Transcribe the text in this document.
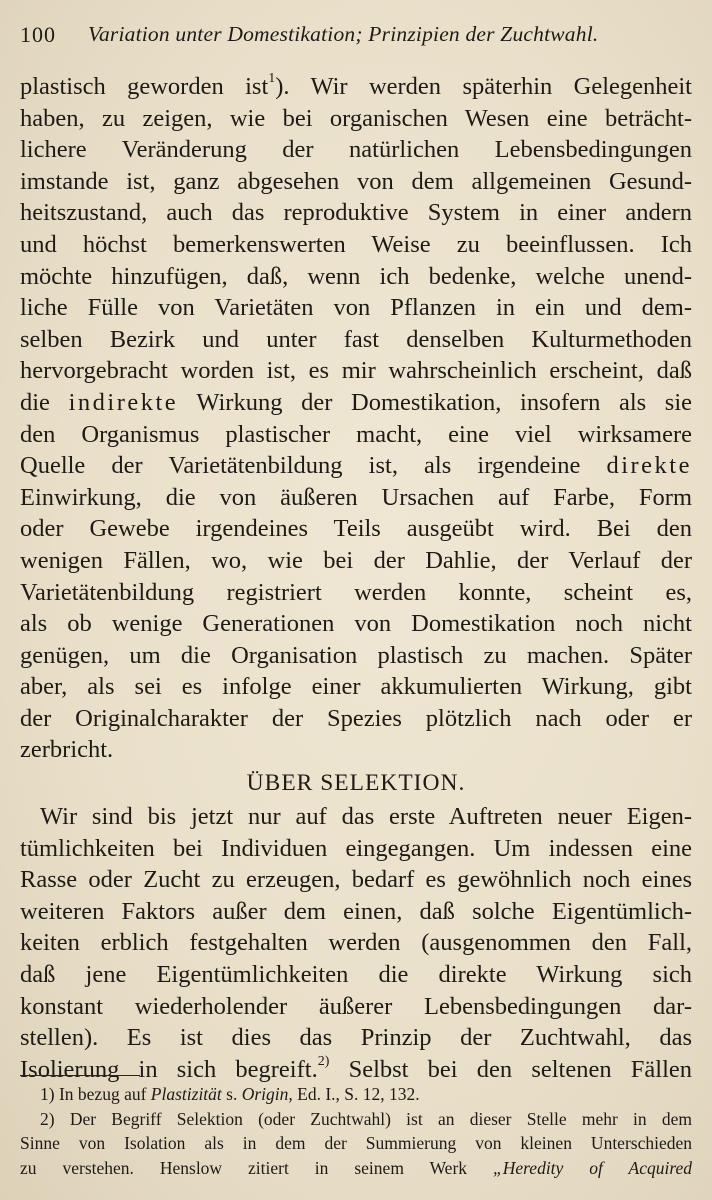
100 Variation unter Domestikation; Prinzipien der Zuchtwahl.
plastisch geworden ist$^1$). Wir werden späterhin Gelegenheit
haben, zu zeigen, wie bei organischen Wesen eine beträcht-
lichere Veränderung der natürlichen Lebensbedingungen
imstande ist, ganz abgesehen von dem allgemeinen Gesund-
heitszustand, auch das reproduktive System in einer andern
und höchst bemerkenswerten Weise zu beeinflussen. Ich
möchte hinzufügen, daß, wenn ich bedenke, welche unend-
liche Fülle von Varietäten von Pflanzen in ein und dem-
selben Bezirk und unter fast denselben Kulturmethoden
hervorgebracht worden ist, es mir wahrscheinlich erscheint, daß
die indirekte Wirkung der Domestikation, insofern als sie
den Organismus plastischer macht, eine viel wirksamere
Quelle der Varietätenbildung ist, als irgendeine direkte
Einwirkung, die von äußeren Ursachen auf Farbe, Form
oder Gewebe irgendeines Teils ausgeübt wird. Bei den
wenigen Fällen, wo, wie bei der Dahlie, der Verlauf der
Varietätenbildung registriert werden konnte, scheint es,
als ob wenige Generationen von Domestikation noch nicht
genügen, um die Organisation plastisch zu machen. Später
aber, als sei es infolge einer akkumulierten Wirkung, gibt
der Originalcharakter der Spezies plötzlich nach oder er
zerbricht.
ÜBER SELEKTION.
Wir sind bis jetzt nur auf das erste Auftreten neuer Eigen-
tümlichkeiten bei Individuen eingegangen. Um indessen eine
Rasse oder Zucht zu erzeugen, bedarf es gewöhnlich noch eines
weiteren Faktors außer dem einen, daß solche Eigentümlich-
keiten erblich festgehalten werden (ausgenommen den Fall,
daß jene Eigentümlichkeiten die direkte Wirkung sich
konstant wiederholender äußerer Lebensbedingungen dar-
stellen). Es ist dies das Prinzip der Zuchtwahl, das
Isolierung in sich begreift.$^{2)}$ Selbst bei den seltenen Fällen
1) In bezug auf Plastizität s. Origin, Ed. I., S. 12, 132.
2) Der Begriff Selektion (oder Zuchtwahl) ist an dieser Stelle mehr in dem
Sinne von Isolation als in dem der Summierung von kleinen Unterschieden
zu verstehen. Henslow zitiert in seinem Werk „Heredity of Acquired
